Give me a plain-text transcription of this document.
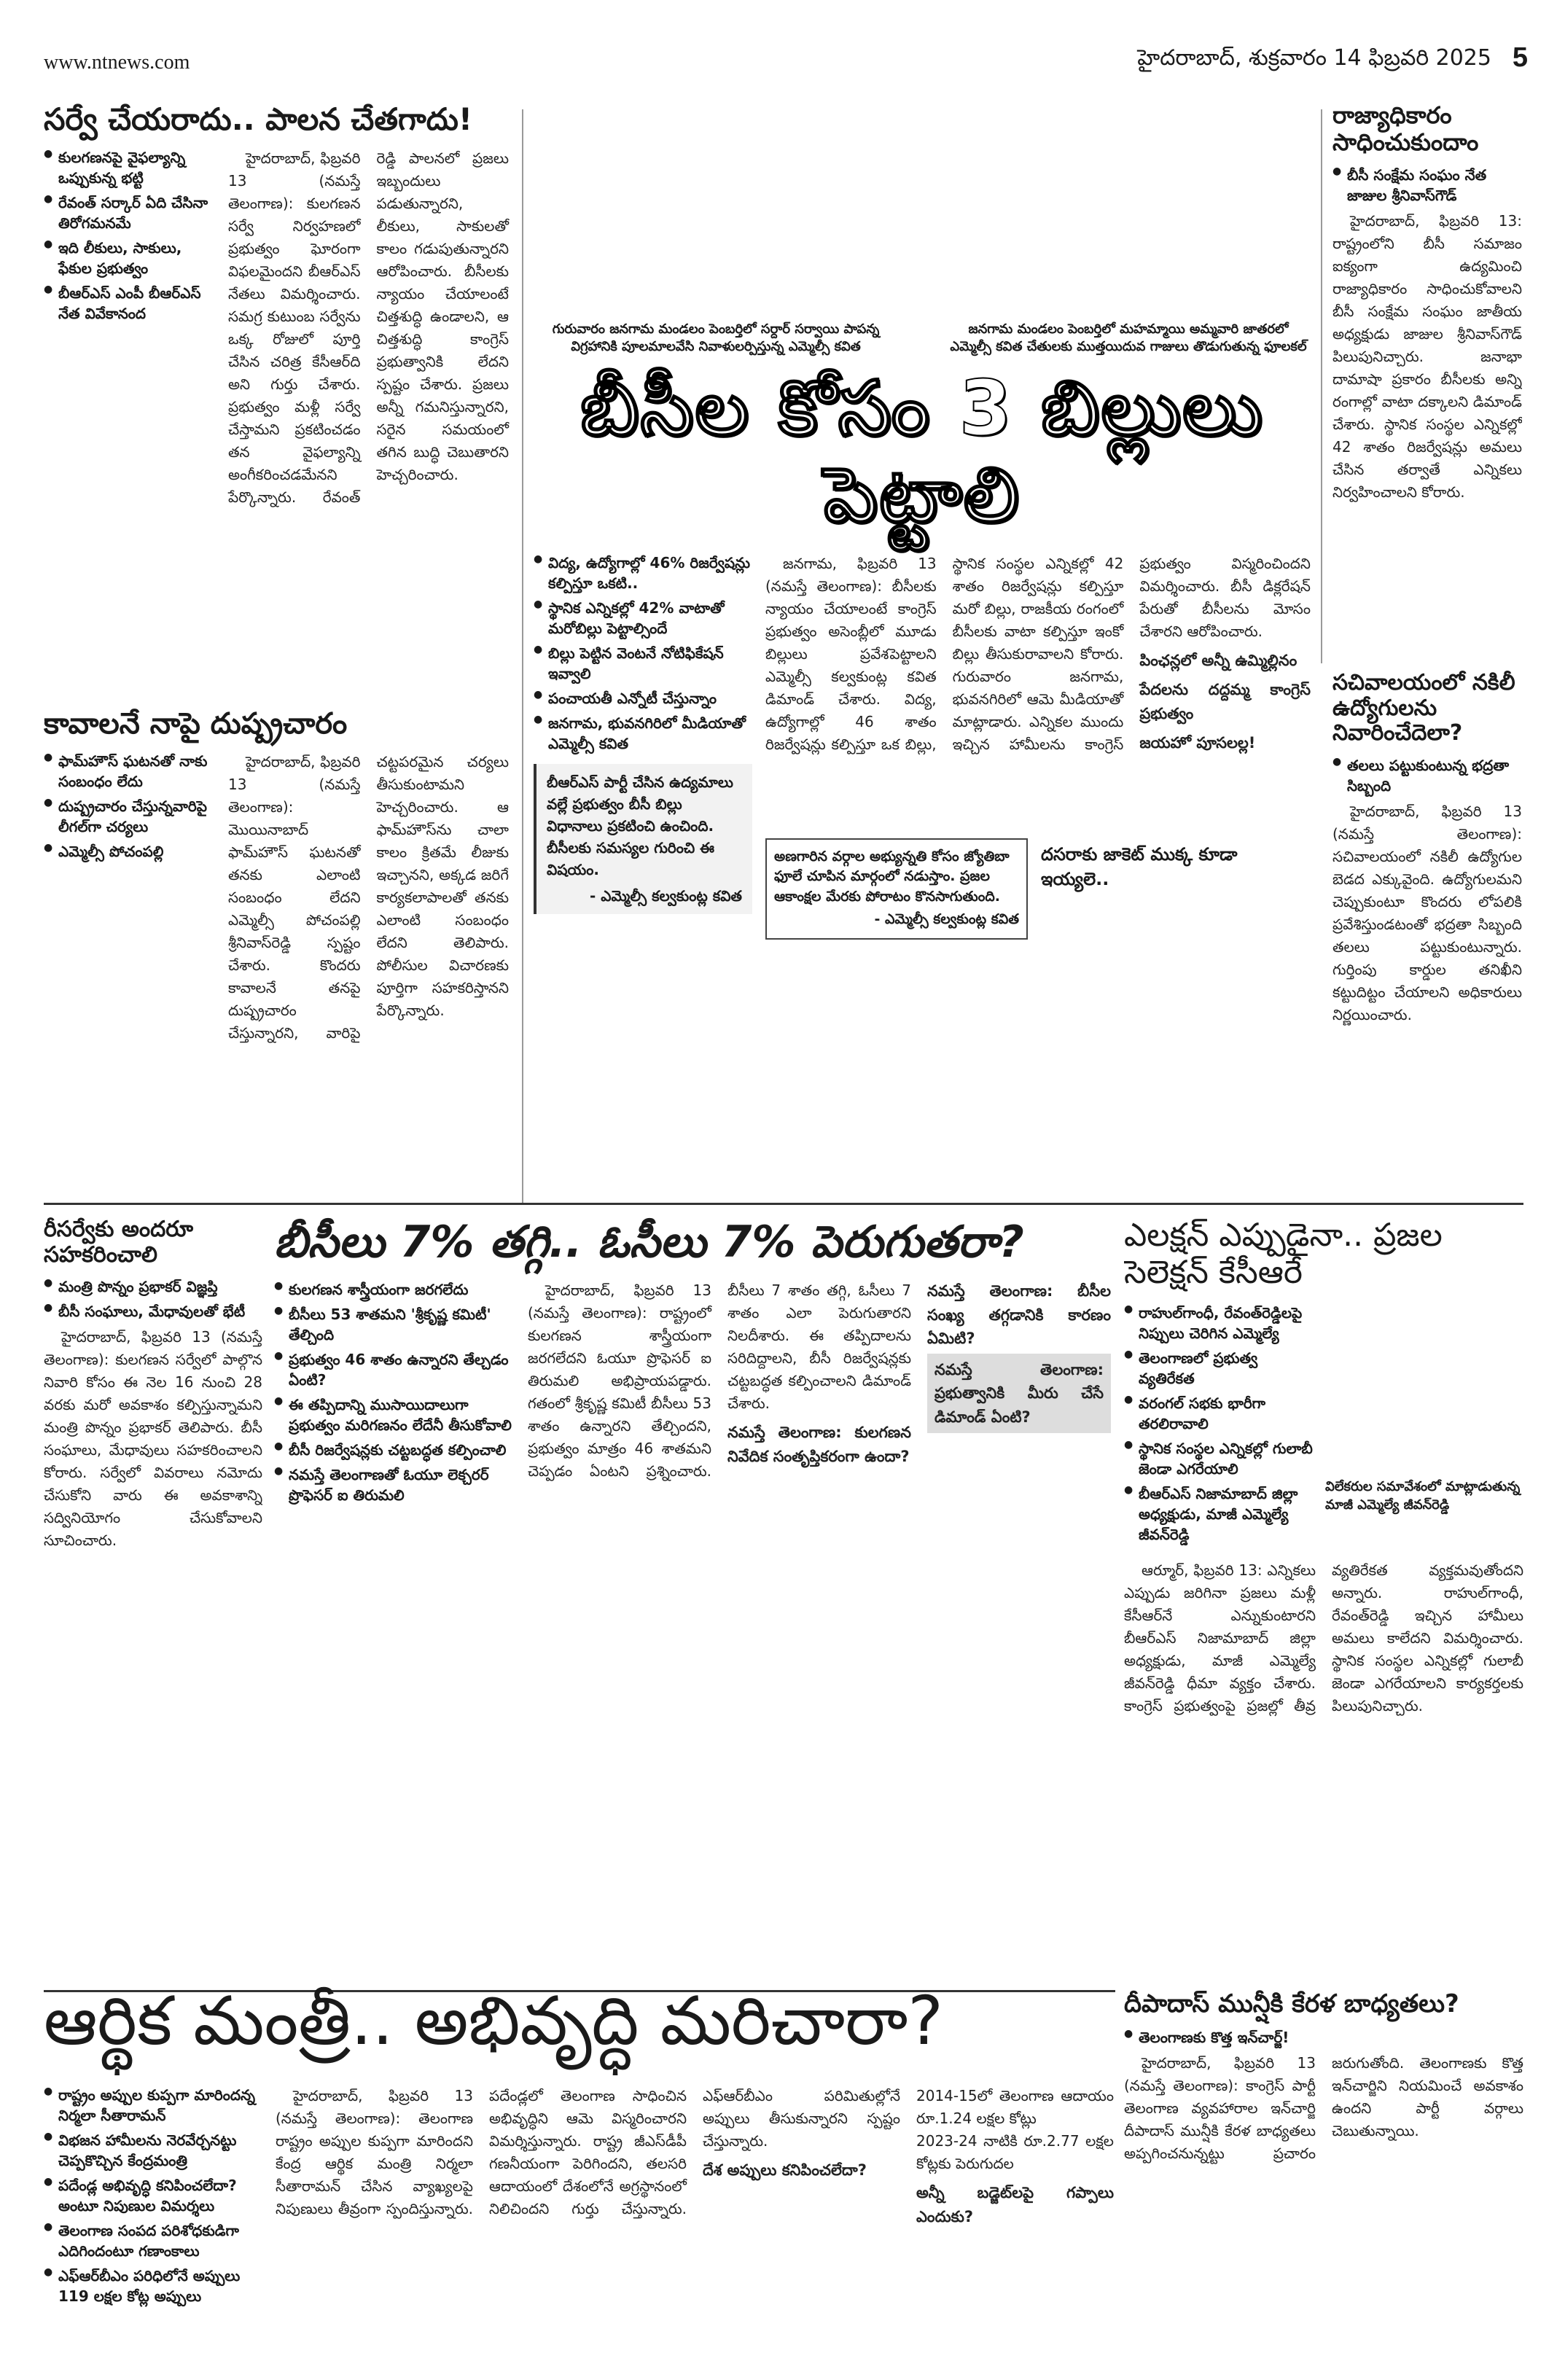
www.ntnews.com	హైదరాబాద్, శుక్రవారం 14 ఫిబ్రవరి 2025 5
సర్వే చేయరాదు.. పాలన చేతగాదు!
● కులగణనపై వైఫల్యాన్ని ఒప్పుకున్న భట్టి
● రేవంత్ సర్కార్ ఏది చేసినా తిరోగమనమే
● ఇది లీకులు, సాకులు, ఫేకుల ప్రభుత్వం
● బీఆర్ఎస్ ఎంపీ బీఆర్ఎస్ నేత వివేకానంద

హైదరాబాద్, ఫిబ్రవరి 13 (నమస్తే తెలంగాణ): కులగణన సర్వే నిర్వహణలో ప్రభుత్వం ఘోరంగా విఫలమైందని బీఆర్ఎస్ నేతలు విమర్శించారు. సమగ్ర కుటుంబ సర్వేను ఒక్క రోజులో పూర్తి చేసిన చరిత్ర కేసీఆర్‌ది అని గుర్తు చేశారు. ప్రభుత్వం మళ్లీ సర్వే చేస్తామని ప్రకటించడం తన వైఫల్యాన్ని అంగీకరించడమేనని పేర్కొన్నారు. రేవంత్ రెడ్డి పాలనలో ప్రజలు ఇబ్బందులు పడుతున్నారని, లీకులు, సాకులతో కాలం గడుపుతున్నారని ఆరోపించారు. బీసీలకు న్యాయం చేయాలంటే చిత్తశుద్ధి ఉండాలని, ఆ చిత్తశుద్ధి కాంగ్రెస్ ప్రభుత్వానికి లేదని స్పష్టం చేశారు. ప్రజలు అన్నీ గమనిస్తున్నారని, సరైన సమయంలో తగిన బుద్ధి చెబుతారని హెచ్చరించారు.

రాజ్యాధికారం సాధించుకుందాం
● బీసీ సంక్షేమ సంఘం నేత జాజుల శ్రీనివాస్‌గౌడ్

హైదరాబాద్, ఫిబ్రవరి 13: రాష్ట్రంలోని బీసీ సమాజం ఐక్యంగా ఉద్యమించి రాజ్యాధికారం సాధించుకోవాలని బీసీ సంక్షేమ సంఘం జాతీయ అధ్యక్షుడు జాజుల శ్రీనివాస్‌గౌడ్ పిలుపునిచ్చారు. జనాభా దామాషా ప్రకారం బీసీలకు అన్ని రంగాల్లో వాటా దక్కాలని డిమాండ్ చేశారు. స్థానిక సంస్థల ఎన్నికల్లో 42 శాతం రిజర్వేషన్లు అమలు చేసిన తర్వాతే ఎన్నికలు నిర్వహించాలని కోరారు.

గురువారం జనగామ మండలం పెంబర్తిలో సర్దార్ సర్వాయి పాపన్న విగ్రహానికి పూలమాలవేసి నివాళులర్పిస్తున్న ఎమ్మెల్సీ కవిత
జనగామ మండలం పెంబర్తిలో మహమ్మాయి అమ్మవారి జాతరలో ఎమ్మెల్సీ కవిత చేతులకు ముత్తయిదువ గాజులు తొడుగుతున్న ఫూలకల్
బీసీల కోసం 3 బిల్లులు పెట్టాలి
● విద్య, ఉద్యోగాల్లో 46% రిజర్వేషన్లు కల్పిస్తూ ఒకటి..
● స్థానిక ఎన్నికల్లో 42% వాటాతో మరోబిల్లు పెట్టాల్సిందే
● బిల్లు పెట్టిన వెంటనే నోటిఫికేషన్ ఇవ్వాలి
● పంచాయతీ ఎన్నోటీ చేస్తున్నాం
● జనగామ, భువనగిరిలో మీడియాతో ఎమ్మెల్సీ కవిత
బీఆర్ఎస్ పార్టీ చేసిన ఉద్యమాలు వల్లే ప్రభుత్వం బీసీ బిల్లు విధానాలు ప్రకటించి ఉంచింది. బీసీలకు సమస్యల గురించి ఈ విషయం.
- ఎమ్మెల్సీ కల్వకుంట్ల కవిత

జనగామ, ఫిబ్రవరి 13 (నమస్తే తెలంగాణ): బీసీలకు న్యాయం చేయాలంటే కాంగ్రెస్ ప్రభుత్వం అసెంబ్లీలో మూడు బిల్లులు ప్రవేశపెట్టాలని ఎమ్మెల్సీ కల్వకుంట్ల కవిత డిమాండ్ చేశారు. విద్య, ఉద్యోగాల్లో 46 శాతం రిజర్వేషన్లు కల్పిస్తూ ఒక బిల్లు, స్థానిక సంస్థల ఎన్నికల్లో 42 శాతం రిజర్వేషన్లు కల్పిస్తూ మరో బిల్లు, రాజకీయ రంగంలో బీసీలకు వాటా కల్పిస్తూ ఇంకో బిల్లు తీసుకురావాలని కోరారు. గురువారం జనగామ, భువనగిరిలో ఆమె మీడియాతో మాట్లాడారు. ఎన్నికల ముందు ఇచ్చిన హామీలను కాంగ్రెస్ ప్రభుత్వం విస్మరించిందని విమర్శించారు. బీసీ డిక్లరేషన్ పేరుతో బీసీలను మోసం చేశారని ఆరోపించారు.

పింఛన్లలో అన్నీ ఉమ్మిల్లినం
పేదలను దద్దమ్మ కాంగ్రెస్ ప్రభుత్వం
జయహో పూసలల్ల!
అణగారిన వర్గాల అభ్యున్నతి కోసం జ్యోతిబా ఫూలే చూపిన మార్గంలో నడుస్తాం. ప్రజల ఆకాంక్షల మేరకు పోరాటం కొనసాగుతుంది.
- ఎమ్మెల్సీ కల్వకుంట్ల కవిత
దసరాకు జాకెట్ ముక్క కూడా ఇయ్యలె..
కావాలనే నాపై దుష్ప్రచారం
● ఫామ్‌హౌస్ ఘటనతో నాకు సంబంధం లేదు
● దుష్ప్రచారం చేస్తున్నవారిపై లీగల్‌గా చర్యలు
● ఎమ్మెల్సీ పోచంపల్లి

హైదరాబాద్, ఫిబ్రవరి 13 (నమస్తే తెలంగాణ): మొయినాబాద్ ఫామ్‌హౌస్ ఘటనతో తనకు ఎలాంటి సంబంధం లేదని ఎమ్మెల్సీ పోచంపల్లి శ్రీనివాస్‌రెడ్డి స్పష్టం చేశారు. కొందరు కావాలనే తనపై దుష్ప్రచారం చేస్తున్నారని, వారిపై చట్టపరమైన చర్యలు తీసుకుంటామని హెచ్చరించారు. ఆ ఫామ్‌హౌస్‌ను చాలా కాలం క్రితమే లీజుకు ఇచ్చానని, అక్కడ జరిగే కార్యకలాపాలతో తనకు ఎలాంటి సంబంధం లేదని తెలిపారు. పోలీసుల విచారణకు పూర్తిగా సహకరిస్తానని పేర్కొన్నారు.

సచివాలయంలో నకిలీ ఉద్యోగులను నివారించేదెలా?
● తలలు పట్టుకుంటున్న భద్రతా సిబ్బంది

హైదరాబాద్, ఫిబ్రవరి 13 (నమస్తే తెలంగాణ): సచివాలయంలో నకిలీ ఉద్యోగుల బెడద ఎక్కువైంది. ఉద్యోగులమని చెప్పుకుంటూ కొందరు లోపలికి ప్రవేశిస్తుండటంతో భద్రతా సిబ్బంది తలలు పట్టుకుంటున్నారు. గుర్తింపు కార్డుల తనిఖీని కట్టుదిట్టం చేయాలని అధికారులు నిర్ణయించారు.

రీసర్వేకు అందరూ సహకరించాలి
● మంత్రి పొన్నం ప్రభాకర్ విజ్ఞప్తి
● బీసీ సంఘాలు, మేధావులతో భేటీ

హైదరాబాద్, ఫిబ్రవరి 13 (నమస్తే తెలంగాణ): కులగణన సర్వేలో పాల్గొన నివారి కోసం ఈ నెల 16 నుంచి 28 వరకు మరో అవకాశం కల్పిస్తున్నామని మంత్రి పొన్నం ప్రభాకర్ తెలిపారు. బీసీ సంఘాలు, మేధావులు సహకరించాలని కోరారు. సర్వేలో వివరాలు నమోదు చేసుకోని వారు ఈ అవకాశాన్ని సద్వినియోగం చేసుకోవాలని సూచించారు.

బీసీలు 7% తగ్గి.. ఓసీలు 7% పెరుగుతరా?
● కులగణన శాస్త్రీయంగా జరగలేదు
● బీసీలు 53 శాతమని 'శ్రీకృష్ణ కమిటీ' తేల్చింది
● ప్రభుత్వం 46 శాతం ఉన్నారని తేల్చడం ఏంటి?
● ఈ తప్పిదాన్ని ముసాయిదాలుగా ప్రభుత్వం మరిగణనం లేదేనీ తీసుకోవాలి
● బీసీ రిజర్వేషన్లకు చట్టబద్ధత కల్పించాలి
● నమస్తే తెలంగాణతో ఓయూ లెక్చరర్ ప్రొఫెసర్ ఐ తిరుమలి

హైదరాబాద్, ఫిబ్రవరి 13 (నమస్తే తెలంగాణ): రాష్ట్రంలో కులగణన శాస్త్రీయంగా జరగలేదని ఓయూ ప్రొఫెసర్ ఐ తిరుమలి అభిప్రాయపడ్డారు. గతంలో శ్రీకృష్ణ కమిటీ బీసీలు 53 శాతం ఉన్నారని తేల్చిందని, ప్రభుత్వం మాత్రం 46 శాతమని చెప్పడం ఏంటని ప్రశ్నించారు. బీసీలు 7 శాతం తగ్గి, ఓసీలు 7 శాతం ఎలా పెరుగుతారని నిలదీశారు. ఈ తప్పిదాలను సరిదిద్దాలని, బీసీ రిజర్వేషన్లకు చట్టబద్ధత కల్పించాలని డిమాండ్ చేశారు.

నమస్తే తెలంగాణ: కులగణన నివేదిక సంతృప్తికరంగా ఉందా?
నమస్తే తెలంగాణ: బీసీల సంఖ్య తగ్గడానికి కారణం ఏమిటి?
నమస్తే తెలంగాణ: ప్రభుత్వానికి మీరు చేసే డిమాండ్ ఏంటి?
ఎలక్షన్ ఎప్పుడైనా.. ప్రజల సెలెక్షన్ కేసీఆరే
● రాహుల్‌గాంధీ, రేవంత్‌రెడ్డిలపై నిప్పులు చెరిగిన ఎమ్మెల్యే
● తెలంగాణలో ప్రభుత్వ వ్యతిరేకత
● వరంగల్ సభకు భారీగా తరలిరావాలి
● స్థానిక సంస్థల ఎన్నికల్లో గులాబీ జెండా ఎగరేయాలి
● బీఆర్ఎస్ నిజామాబాద్ జిల్లా అధ్యక్షుడు, మాజీ ఎమ్మెల్యే జీవన్‌రెడ్డి
విలేకరుల సమావేశంలో మాట్లాడుతున్న మాజీ ఎమ్మెల్యే జీవన్‌రెడ్డి

ఆర్మూర్, ఫిబ్రవరి 13: ఎన్నికలు ఎప్పుడు జరిగినా ప్రజలు మళ్లీ కేసీఆర్‌నే ఎన్నుకుంటారని బీఆర్ఎస్ నిజామాబాద్ జిల్లా అధ్యక్షుడు, మాజీ ఎమ్మెల్యే జీవన్‌రెడ్డి ధీమా వ్యక్తం చేశారు. కాంగ్రెస్ ప్రభుత్వంపై ప్రజల్లో తీవ్ర వ్యతిరేకత వ్యక్తమవుతోందని అన్నారు. రాహుల్‌గాంధీ, రేవంత్‌రెడ్డి ఇచ్చిన హామీలు అమలు కాలేదని విమర్శించారు. స్థానిక సంస్థల ఎన్నికల్లో గులాబీ జెండా ఎగరేయాలని కార్యకర్తలకు పిలుపునిచ్చారు.

ఆర్థిక మంత్రీ.. అభివృద్ధి మరిచారా?
● రాష్ట్రం అప్పుల కుప్పగా మారిందన్న నిర్మలా సీతారామన్
● విభజన హామీలను నెరవేర్చనట్టు చెప్పకొచ్చిన కేంద్రమంత్రి
● పదేండ్ల అభివృద్ధి కనిపించలేదా? అంటూ నిపుణుల విమర్శలు
● తెలంగాణ సంపద పరిశోధకుడిగా ఎదిగిందంటూ గణాంకాలు
● ఎఫ్‌ఆర్‌బీఎం పరిధిలోనే అప్పులు 119 లక్షల కోట్ల అప్పులు

హైదరాబాద్, ఫిబ్రవరి 13 (నమస్తే తెలంగాణ): తెలంగాణ రాష్ట్రం అప్పుల కుప్పగా మారిందని కేంద్ర ఆర్థిక మంత్రి నిర్మలా సీతారామన్ చేసిన వ్యాఖ్యలపై నిపుణులు తీవ్రంగా స్పందిస్తున్నారు. పదేండ్లలో తెలంగాణ సాధించిన అభివృద్ధిని ఆమె విస్మరించారని విమర్శిస్తున్నారు. రాష్ట్ర జీఎస్‌డీపీ గణనీయంగా పెరిగిందని, తలసరి ఆదాయంలో దేశంలోనే అగ్రస్థానంలో నిలిచిందని గుర్తు చేస్తున్నారు. ఎఫ్‌ఆర్‌బీఎం పరిమితుల్లోనే అప్పులు తీసుకున్నారని స్పష్టం చేస్తున్నారు.

దేశ అప్పులు కనిపించలేదా?
2014-15లో తెలంగాణ ఆదాయం రూ.1.24 లక్షల కోట్లు
2023-24 నాటికి రూ.2.77 లక్షల కోట్లకు పెరుగుదల
అన్నీ బడ్జెట్‌లపై గప్పాలు ఎందుకు?
దీపాదాస్ మున్షీకి కేరళ బాధ్యతలు?
● తెలంగాణకు కొత్త ఇన్‌చార్జ్!

హైదరాబాద్, ఫిబ్రవరి 13 (నమస్తే తెలంగాణ): కాంగ్రెస్ పార్టీ తెలంగాణ వ్యవహారాల ఇన్‌చార్జి దీపాదాస్ మున్షీకి కేరళ బాధ్యతలు అప్పగించనున్నట్టు ప్రచారం జరుగుతోంది. తెలంగాణకు కొత్త ఇన్‌చార్జిని నియమించే అవకాశం ఉందని పార్టీ వర్గాలు చెబుతున్నాయి.
